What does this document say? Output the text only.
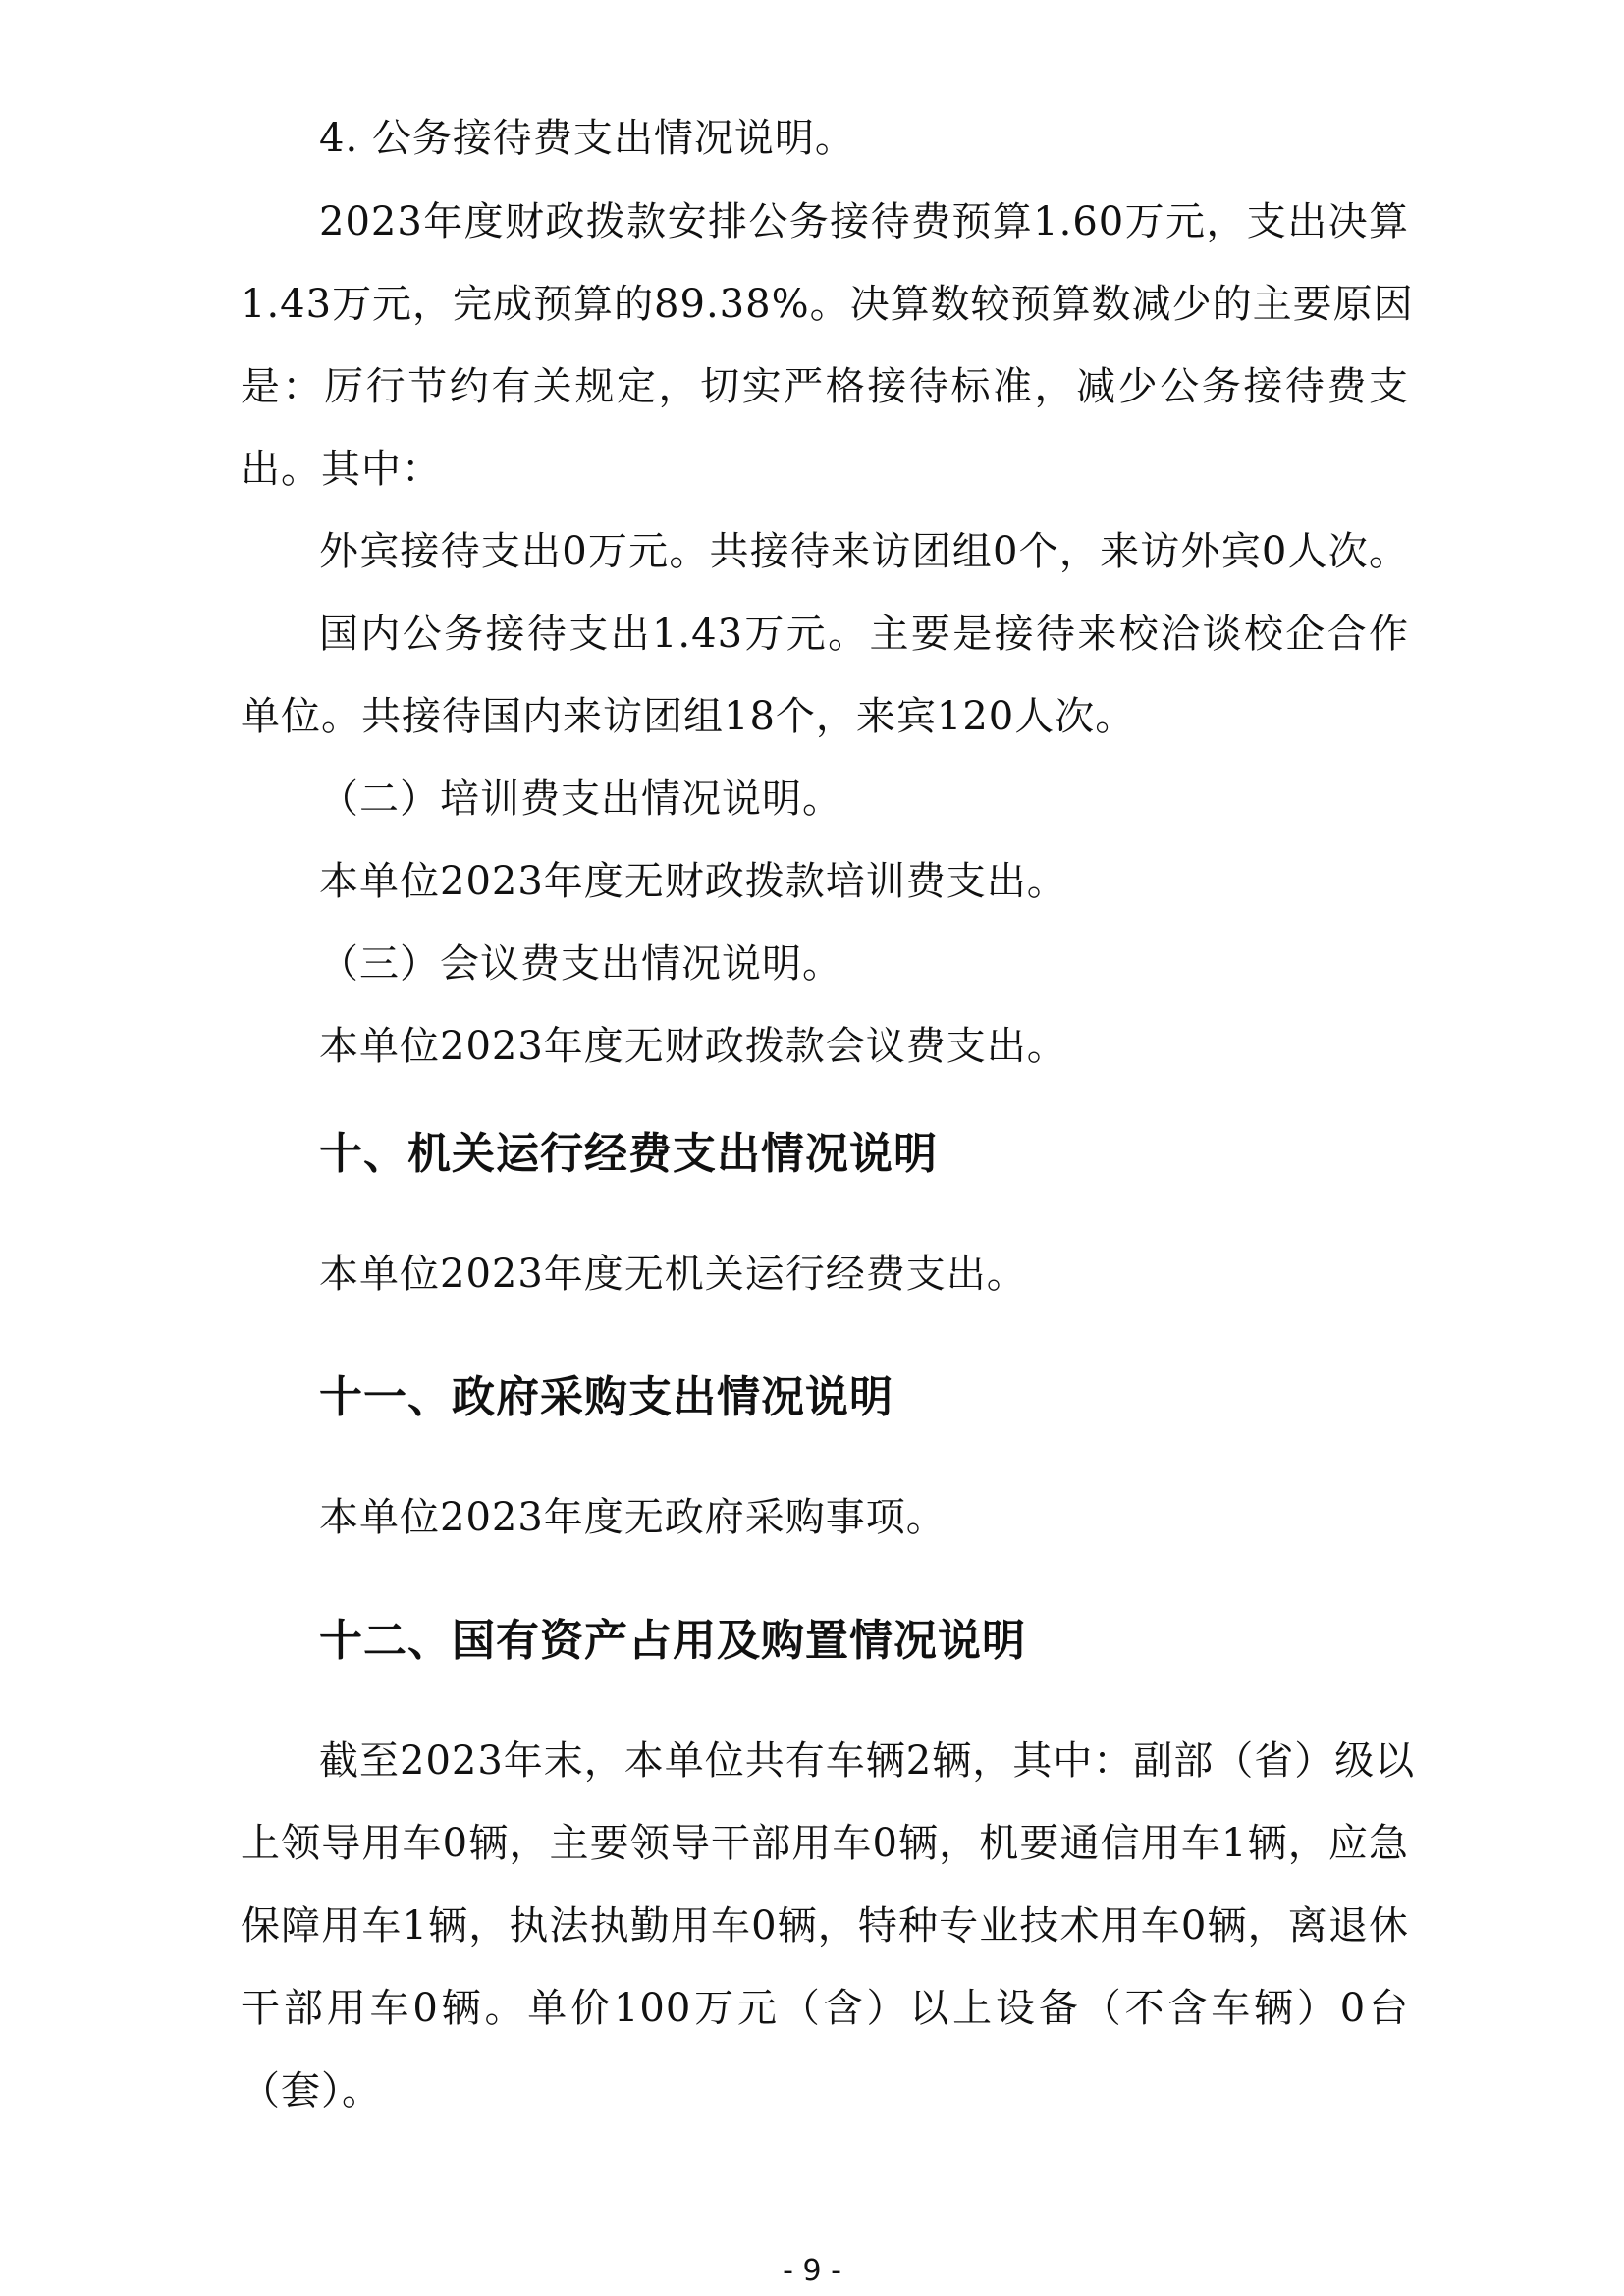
4. 公务接待费支出情况说明。
2023年度财政拨款安排公务接待费预算1.60万元，支出决算
1.43万元，完成预算的89.38%。决算数较预算数减少的主要原因
是：厉行节约有关规定，切实严格接待标准，减少公务接待费支
出。其中：
外宾接待支出0万元。共接待来访团组0个，来访外宾0人次。
国内公务接待支出1.43万元。主要是接待来校洽谈校企合作
单位。共接待国内来访团组18个，来宾120人次。
（二）培训费支出情况说明。
本单位2023年度无财政拨款培训费支出。
（三）会议费支出情况说明。
本单位2023年度无财政拨款会议费支出。
十、机关运行经费支出情况说明
本单位2023年度无机关运行经费支出。
十一、政府采购支出情况说明
本单位2023年度无政府采购事项。
十二、国有资产占用及购置情况说明
截至2023年末，本单位共有车辆2辆，其中：副部（省）级以
上领导用车0辆，主要领导干部用车0辆，机要通信用车1辆，应急
保障用车1辆，执法执勤用车0辆，特种专业技术用车0辆，离退休
干部用车0辆。单价100万元（含）以上设备（不含车辆）0台
（套）。
- 9 -
